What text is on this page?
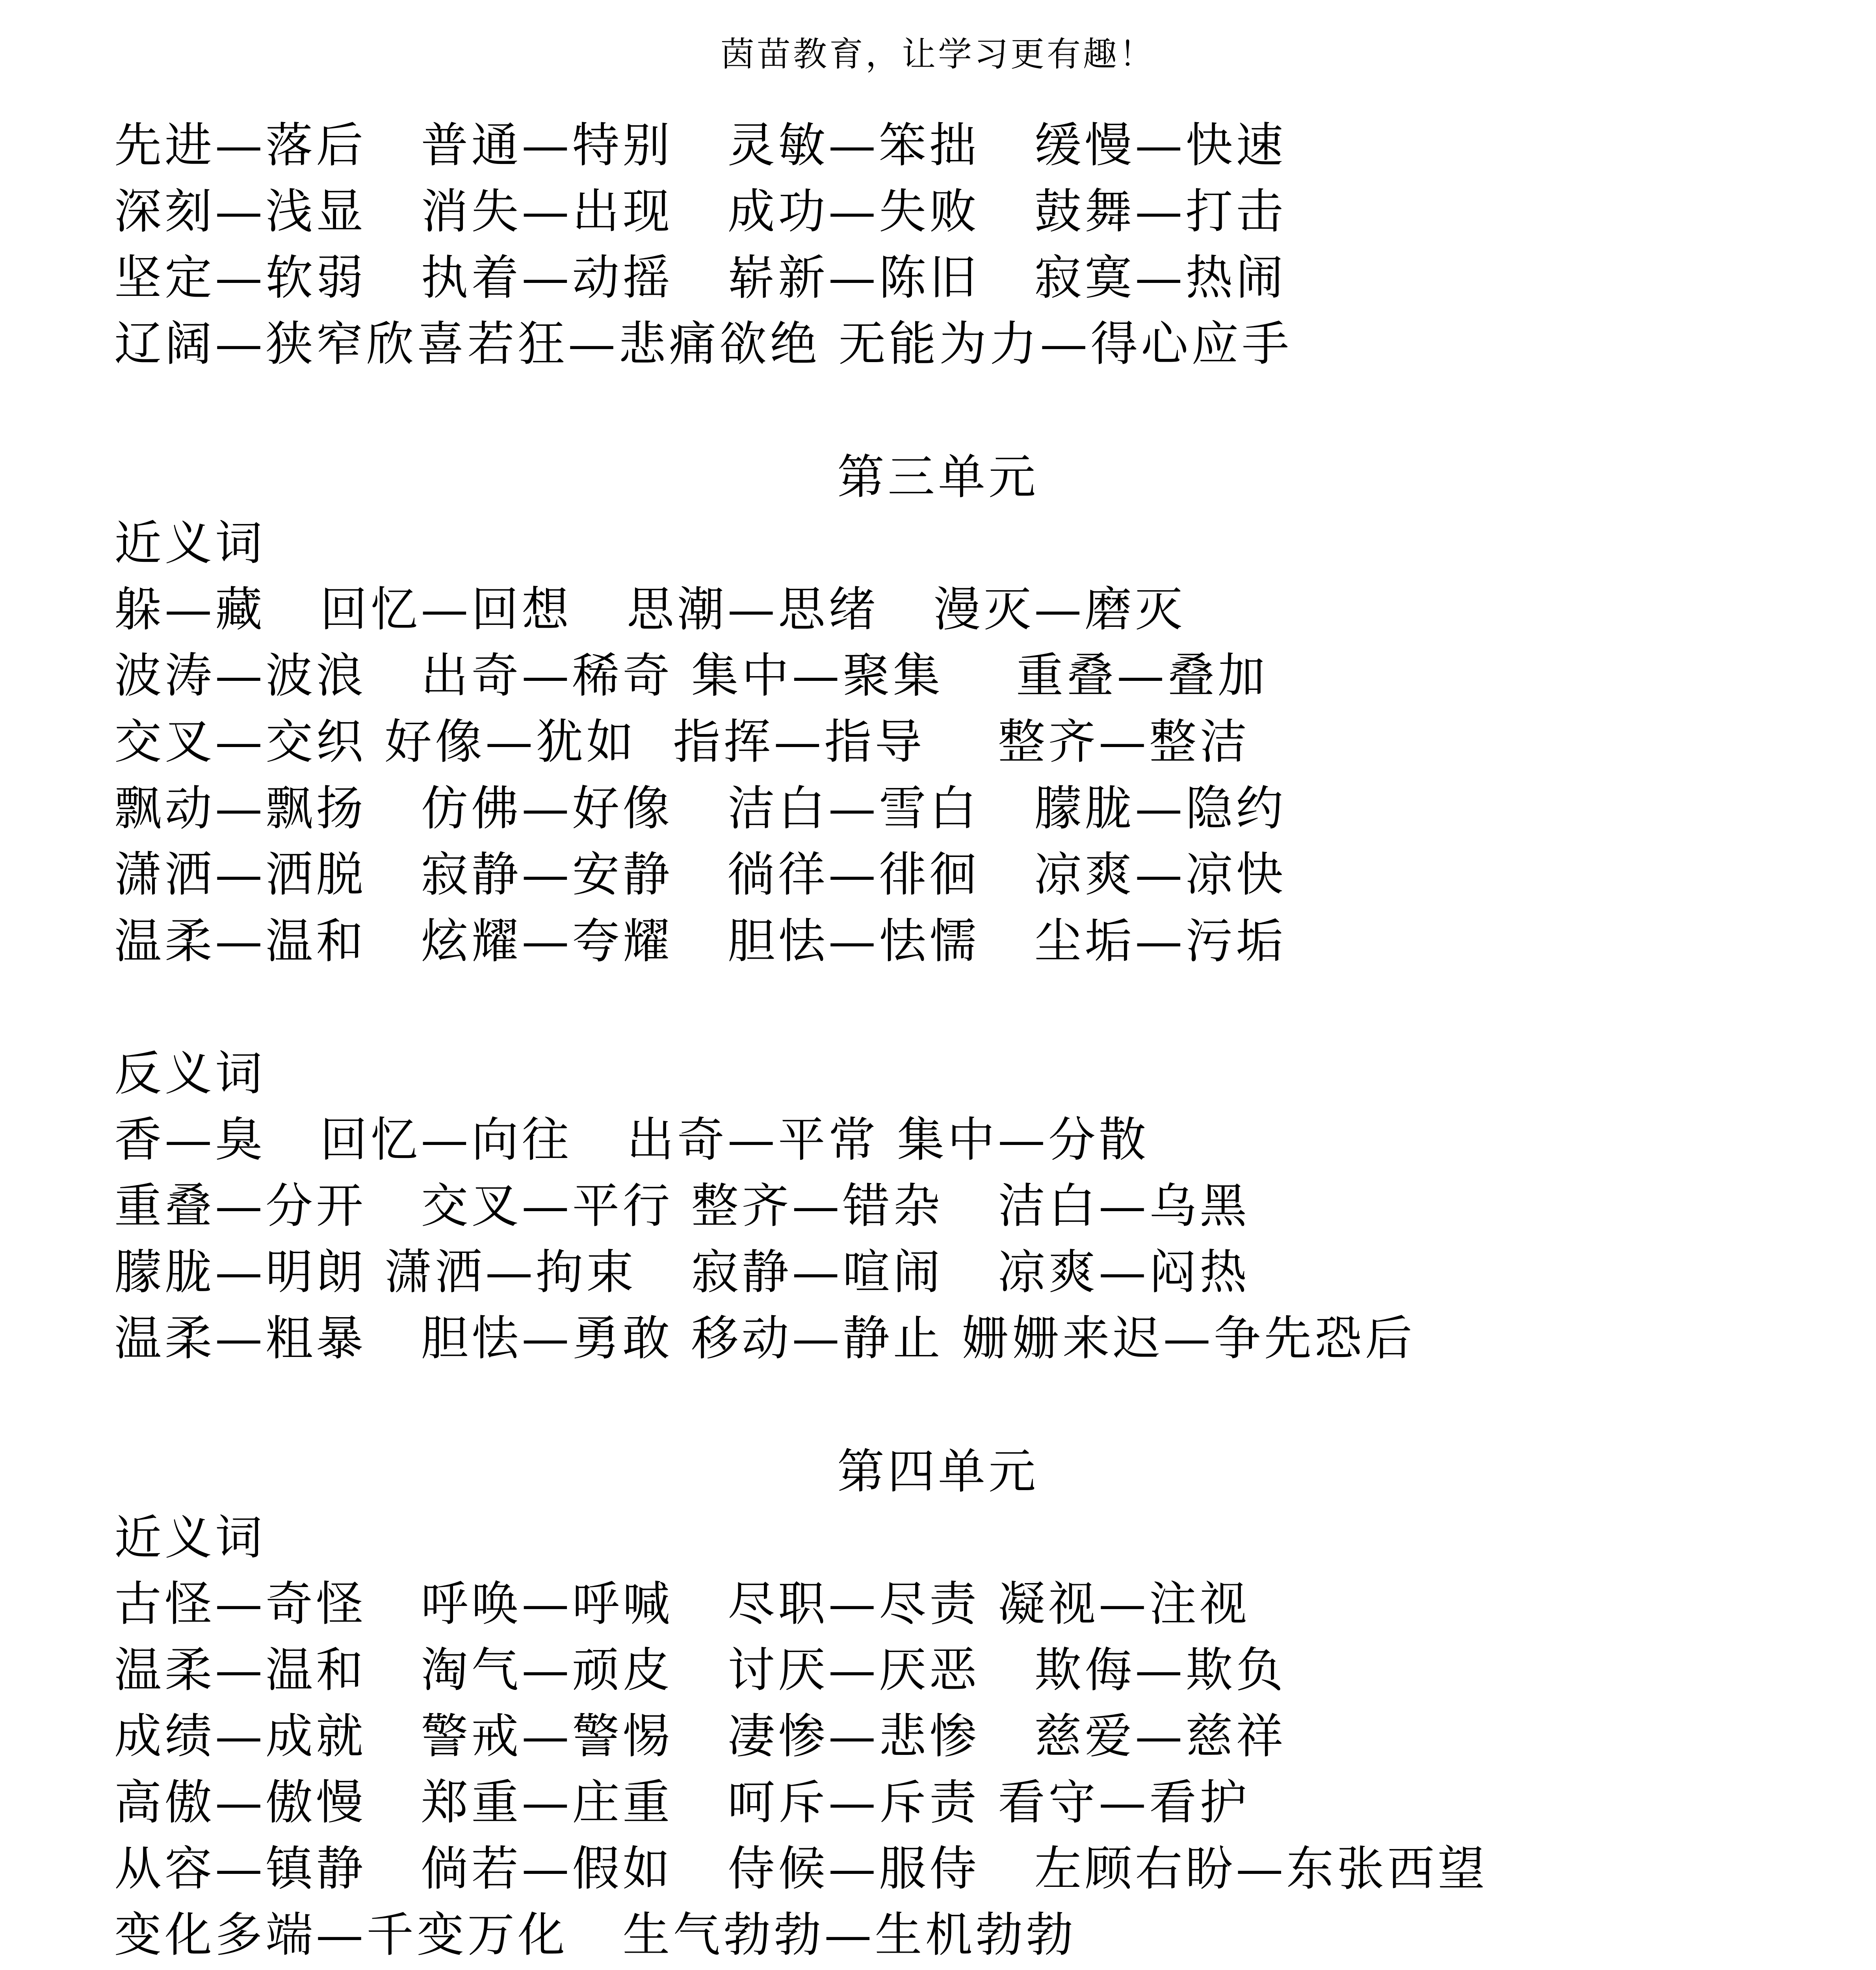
茵苗教育，让学习更有趣！
先进—落后   普通—特别   灵敏—笨拙   缓慢—快速
深刻—浅显   消失—出现   成功—失败   鼓舞—打击
坚定—软弱   执着—动摇   崭新—陈旧   寂寞—热闹
辽阔—狭窄欣喜若狂—悲痛欲绝 无能为力—得心应手
第三单元
近义词
躲—藏   回忆—回想   思潮—思绪   漫灭—磨灭
波涛—波浪   出奇—稀奇 集中—聚集    重叠—叠加
交叉—交织 好像—犹如  指挥—指导    整齐—整洁
飘动—飘扬   仿佛—好像   洁白—雪白   朦胧—隐约
潇洒—洒脱   寂静—安静   徜徉—徘徊   凉爽—凉快
温柔—温和   炫耀—夸耀   胆怯—怯懦   尘垢—污垢
反义词
香—臭   回忆—向往   出奇—平常 集中—分散
重叠—分开   交叉—平行 整齐—错杂   洁白—乌黑
朦胧—明朗 潇洒—拘束   寂静—喧闹   凉爽—闷热
温柔—粗暴   胆怯—勇敢 移动—静止 姗姗来迟—争先恐后
第四单元
近义词
古怪—奇怪   呼唤—呼喊   尽职—尽责 凝视—注视
温柔—温和   淘气—顽皮   讨厌—厌恶   欺侮—欺负
成绩—成就   警戒—警惕   凄惨—悲惨   慈爱—慈祥
高傲—傲慢   郑重—庄重   呵斥—斥责 看守—看护
从容—镇静   倘若—假如   侍候—服侍   左顾右盼—东张西望
变化多端—千变万化   生气勃勃—生机勃勃
